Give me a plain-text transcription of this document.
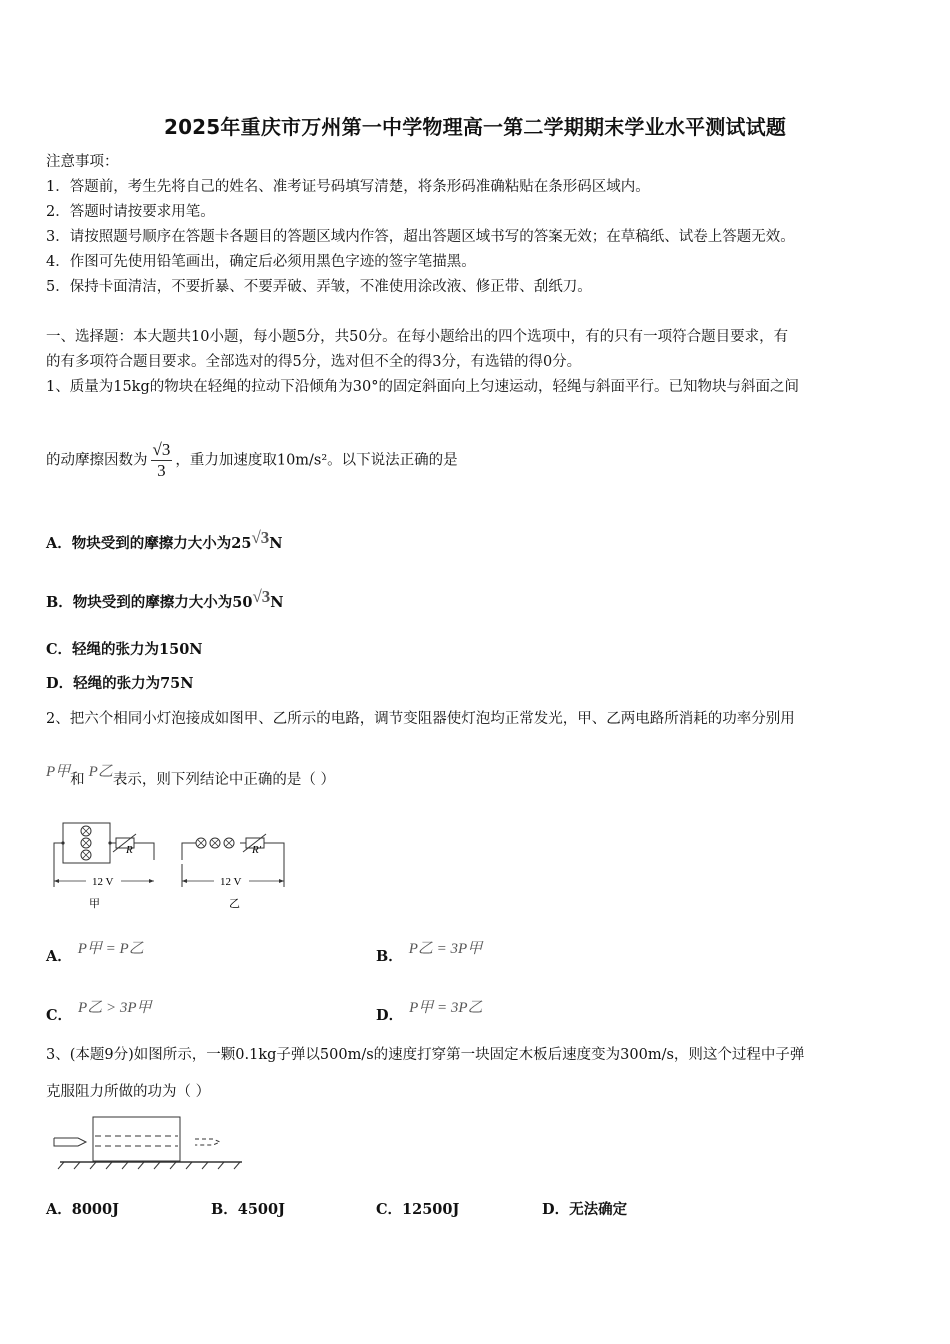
2025年重庆市万州第一中学物理高一第二学期期末学业水平测试试题
注意事项：
1．答题前，考生先将自己的姓名、准考证号码填写清楚，将条形码准确粘贴在条形码区域内。
2．答题时请按要求用笔。
3．请按照题号顺序在答题卡各题目的答题区域内作答，超出答题区域书写的答案无效；在草稿纸、试卷上答题无效。
4．作图可先使用铅笔画出，确定后必须用黑色字迹的签字笔描黑。
5．保持卡面清洁，不要折暴、不要弄破、弄皱，不准使用涂改液、修正带、刮纸刀。
一、选择题：本大题共10小题，每小题5分，共50分。在每小题给出的四个选项中，有的只有一项符合题目要求，有
的有多项符合题目要求。全部选对的得5分，选对但不全的得3分，有选错的得0分。
1、质量为15kg的物块在轻绳的拉动下沿倾角为30°的固定斜面向上匀速运动，轻绳与斜面平行。已知物块与斜面之间
的动摩擦因数为 $\frac{√3}{3}$ ，重力加速度取10m/s²。以下说法正确的是
A．物块受到的摩擦力大小为25√3N
B．物块受到的摩擦力大小为50√3N
C．轻绳的张力为150N
D．轻绳的张力为75N
2、把六个相同小灯泡接成如图甲、乙所示的电路，调节变阻器使灯泡均正常发光，甲、乙两电路所消耗的功率分别用
P甲和 P乙表示，则下列结论中正确的是（ ）
R	R'
12 V	12 V
甲	乙
A． P甲 = P乙	B． P乙 = 3P甲
C． P乙 > 3P甲	D． P甲 = 3P乙
3、(本题9分)如图所示，一颗0.1kg子弹以500m/s的速度打穿第一块固定木板后速度变为300m/s，则这个过程中子弹
克服阻力所做的功为（ ）
A．8000J	B．4500J	C．12500J	D．无法确定
